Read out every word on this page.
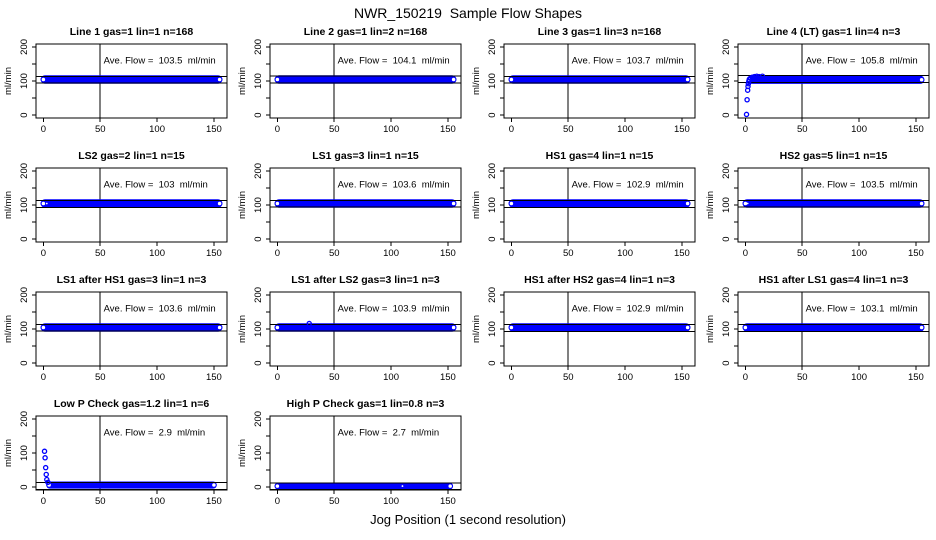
NWR_150219  Sample Flow Shapes
0	50	100	150
0
100
200
ml/min
Ave. Flow =  103.5  ml/min
Line 1 gas=1 lin=1 n=168
0	50	100	150
0
100
200
ml/min
Ave. Flow =  104.1  ml/min
Line 2 gas=1 lin=2 n=168
0	50	100	150
0
100
200
ml/min
Ave. Flow =  103.7  ml/min
Line 3 gas=1 lin=3 n=168
0	50	100	150
0
100
200
ml/min
Ave. Flow =  105.8  ml/min
Line 4 (LT) gas=1 lin=4 n=3
0	50	100	150
0
100
200
ml/min
Ave. Flow =  103  ml/min
LS2 gas=2 lin=1 n=15
0	50	100	150
0
100
200
ml/min
Ave. Flow =  103.6  ml/min
LS1 gas=3 lin=1 n=15
0	50	100	150
0
100
200
ml/min
Ave. Flow =  102.9  ml/min
HS1 gas=4 lin=1 n=15
0	50	100	150
0
100
200
ml/min
Ave. Flow =  103.5  ml/min
HS2 gas=5 lin=1 n=15
0	50	100	150
0
100
200
ml/min
Ave. Flow =  103.6  ml/min
LS1 after HS1 gas=3 lin=1 n=3
0	50	100	150
0
100
200
ml/min
Ave. Flow =  103.9  ml/min
LS1 after LS2 gas=3 lin=1 n=3
0	50	100	150
0
100
200
ml/min
Ave. Flow =  102.9  ml/min
HS1 after HS2 gas=4 lin=1 n=3
0	50	100	150
0
100
200
ml/min
Ave. Flow =  103.1  ml/min
HS1 after LS1 gas=4 lin=1 n=3
0	50	100	150
0
100
200
ml/min
Ave. Flow =  2.9  ml/min
Low P Check gas=1.2 lin=1 n=6
0	50	100	150
0
100
200
ml/min
Ave. Flow =  2.7  ml/min
High P Check gas=1 lin=0.8 n=3
Jog Position (1 second resolution)
